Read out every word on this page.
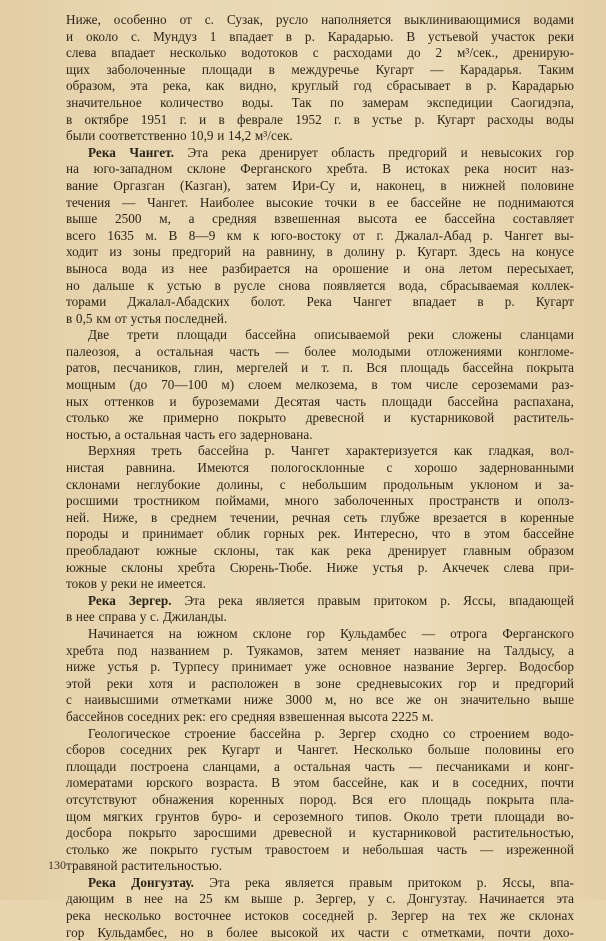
Ниже, особенно от с. Сузак, русло наполняется выклинивающимися водами
и около с. Мундуз 1 впадает в р. Карадарью. В устьевой участок реки
слева впадает несколько водотоков с расходами до 2 м³/сек., дренирую-
щих заболоченные площади в междуречье Кугарт — Карадарья. Таким
образом, эта река, как видно, круглый год сбрасывает в р. Карадарью
значительное количество воды. Так по замерам экспедиции Саогидэпа,
в октябре 1951 г. и в феврале 1952 г. в устье р. Кугарт расходы воды
были соответственно 10,9 и 14,2 м³/сек.
Река Чангет. Эта река дренирует область предгорий и невысоких гор
на юго-западном склоне Ферганского хребта. В истоках река носит наз-
вание Оргазган (Казган), затем Ири-Су и, наконец, в нижней половине
течения — Чангет. Наиболее высокие точки в ее бассейне не поднимаются
выше 2500 м, а средняя взвешенная высота ее бассейна составляет
всего 1635 м. В 8—9 км к юго-востоку от г. Джалал-Абад р. Чангет вы-
ходит из зоны предгорий на равнину, в долину р. Кугарт. Здесь на конусе
выноса вода из нее разбирается на орошение и она летом пересыхает,
но дальше к устью в русле снова появляется вода, сбрасываемая коллек-
торами Джалал-Абадских болот. Река Чангет впадает в р. Кугарт
в 0,5 км от устья последней.
Две трети площади бассейна описываемой реки сложены сланцами
палеозоя, а остальная часть — более молодыми отложениями конгломе-
ратов, песчаников, глин, мергелей и т. п. Вся площадь бассейна покрыта
мощным (до 70—100 м) слоем мелкозема, в том числе сероземами раз-
ных оттенков и буроземами Десятая часть площади бассейна распахана,
столько же примерно покрыто древесной и кустарниковой раститель-
ностью, а остальная часть его задернована.
Верхняя треть бассейна р. Чангет характеризуется как гладкая, вол-
нистая равнина. Имеются пологосклонные с хорошо задернованными
склонами неглубокие долины, с небольшим продольным уклоном и за-
росшими тростником поймами, много заболоченных пространств и ополз-
ней. Ниже, в среднем течении, речная сеть глубже врезается в коренные
породы и принимает облик горных рек. Интересно, что в этом бассейне
преобладают южные склоны, так как река дренирует главным образом
южные склоны хребта Сюрень-Тюбе. Ниже устья р. Акчечек слева при-
токов у реки не имеется.
Река Зергер. Эта река является правым притоком р. Яссы, впадающей
в нее справа у с. Джиланды.
Начинается на южном склоне гор Кульдамбес — отрога Ферганского
хребта под названием р. Туякамов, затем меняет название на Талдысу, а
ниже устья р. Турпесу принимает уже основное название Зергер. Водосбор
этой реки хотя и расположен в зоне средневысоких гор и предгорий
с наивысшими отметками ниже 3000 м, но все же он значительно выше
бассейнов соседних рек: его средняя взвешенная высота 2225 м.
Геологическое строение бассейна р. Зергер сходно со строением водо-
сборов соседних рек Кугарт и Чангет. Несколько больше половины его
площади построена сланцами, а остальная часть — песчаниками и конг-
ломератами юрского возраста. В этом бассейне, как и в соседних, почти
отсутствуют обнажения коренных пород. Вся его площадь покрыта пла-
щом мягких грунтов буро- и сероземного типов. Около трети площади во-
досбора покрыто заросшими древесной и кустарниковой растительностью,
столько же покрыто густым травостоем и небольшая часть — изреженной
травяной растительностью.
Река Донгузтау. Эта река является правым притоком р. Яссы, впа-
дающим в нее на 25 км выше р. Зергер, у с. Донгузтау. Начинается эта
река несколько восточнее истоков соседней р. Зергер на тех же склонах
гор Кульдамбес, но в более высокой их части с отметками, почти дохо-
130
